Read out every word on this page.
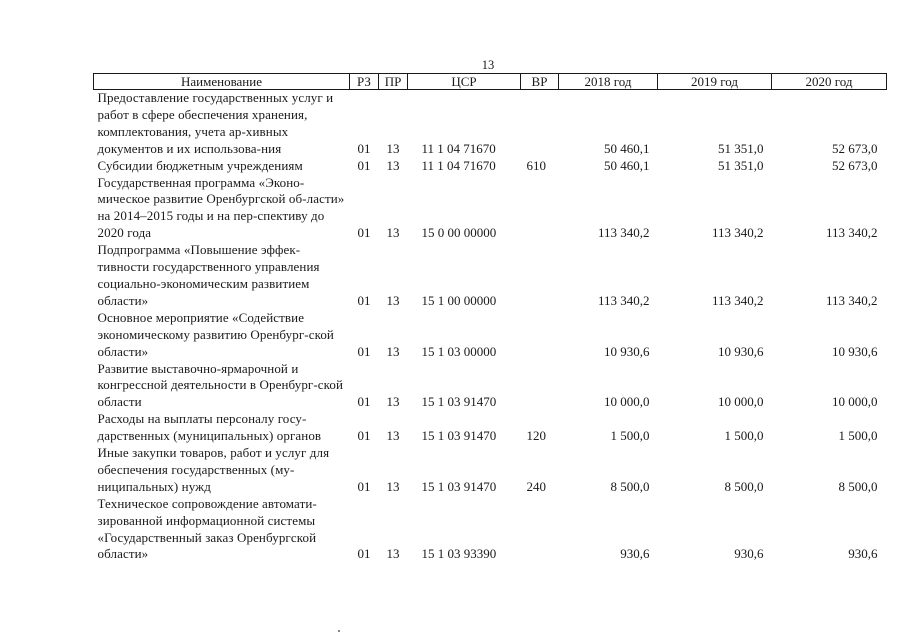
13
Наименование	РЗ	ПР	ЦСР	ВР	2018 год	2019 год	2020 год
Предоставление государственных услуг и работ в сфере обеспечения хранения, комплектования, учета ар-хивных документов и их использова-ния	01	13	11 1 04 71670		50 460,1	51 351,0	52 673,0
Субсидии бюджетным учреждениям	01	13	11 1 04 71670	610	50 460,1	51 351,0	52 673,0
Государственная программа «Эконо-мическое развитие Оренбургской об-ласти» на 2014–2015 годы и на пер-спективу до 2020 года	01	13	15 0 00 00000		113 340,2	113 340,2	113 340,2
Подпрограмма «Повышение эффек-тивности государственного управления социально-экономическим развитием области»	01	13	15 1 00 00000		113 340,2	113 340,2	113 340,2
Основное мероприятие «Содействие экономическому развитию Оренбург-ской области»	01	13	15 1 03 00000		10 930,6	10 930,6	10 930,6
Развитие выставочно-ярмарочной и конгрессной деятельности в Оренбург-ской области	01	13	15 1 03 91470		10 000,0	10 000,0	10 000,0
Расходы на выплаты персоналу госу-дарственных (муниципальных) органов	01	13	15 1 03 91470	120	1 500,0	1 500,0	1 500,0
Иные закупки товаров, работ и услуг для обеспечения государственных (му-ниципальных) нужд	01	13	15 1 03 91470	240	8 500,0	8 500,0	8 500,0
Техническое сопровождение автомати-зированной информационной системы «Государственный заказ Оренбургской области»	01	13	15 1 03 93390		930,6	930,6	930,6
